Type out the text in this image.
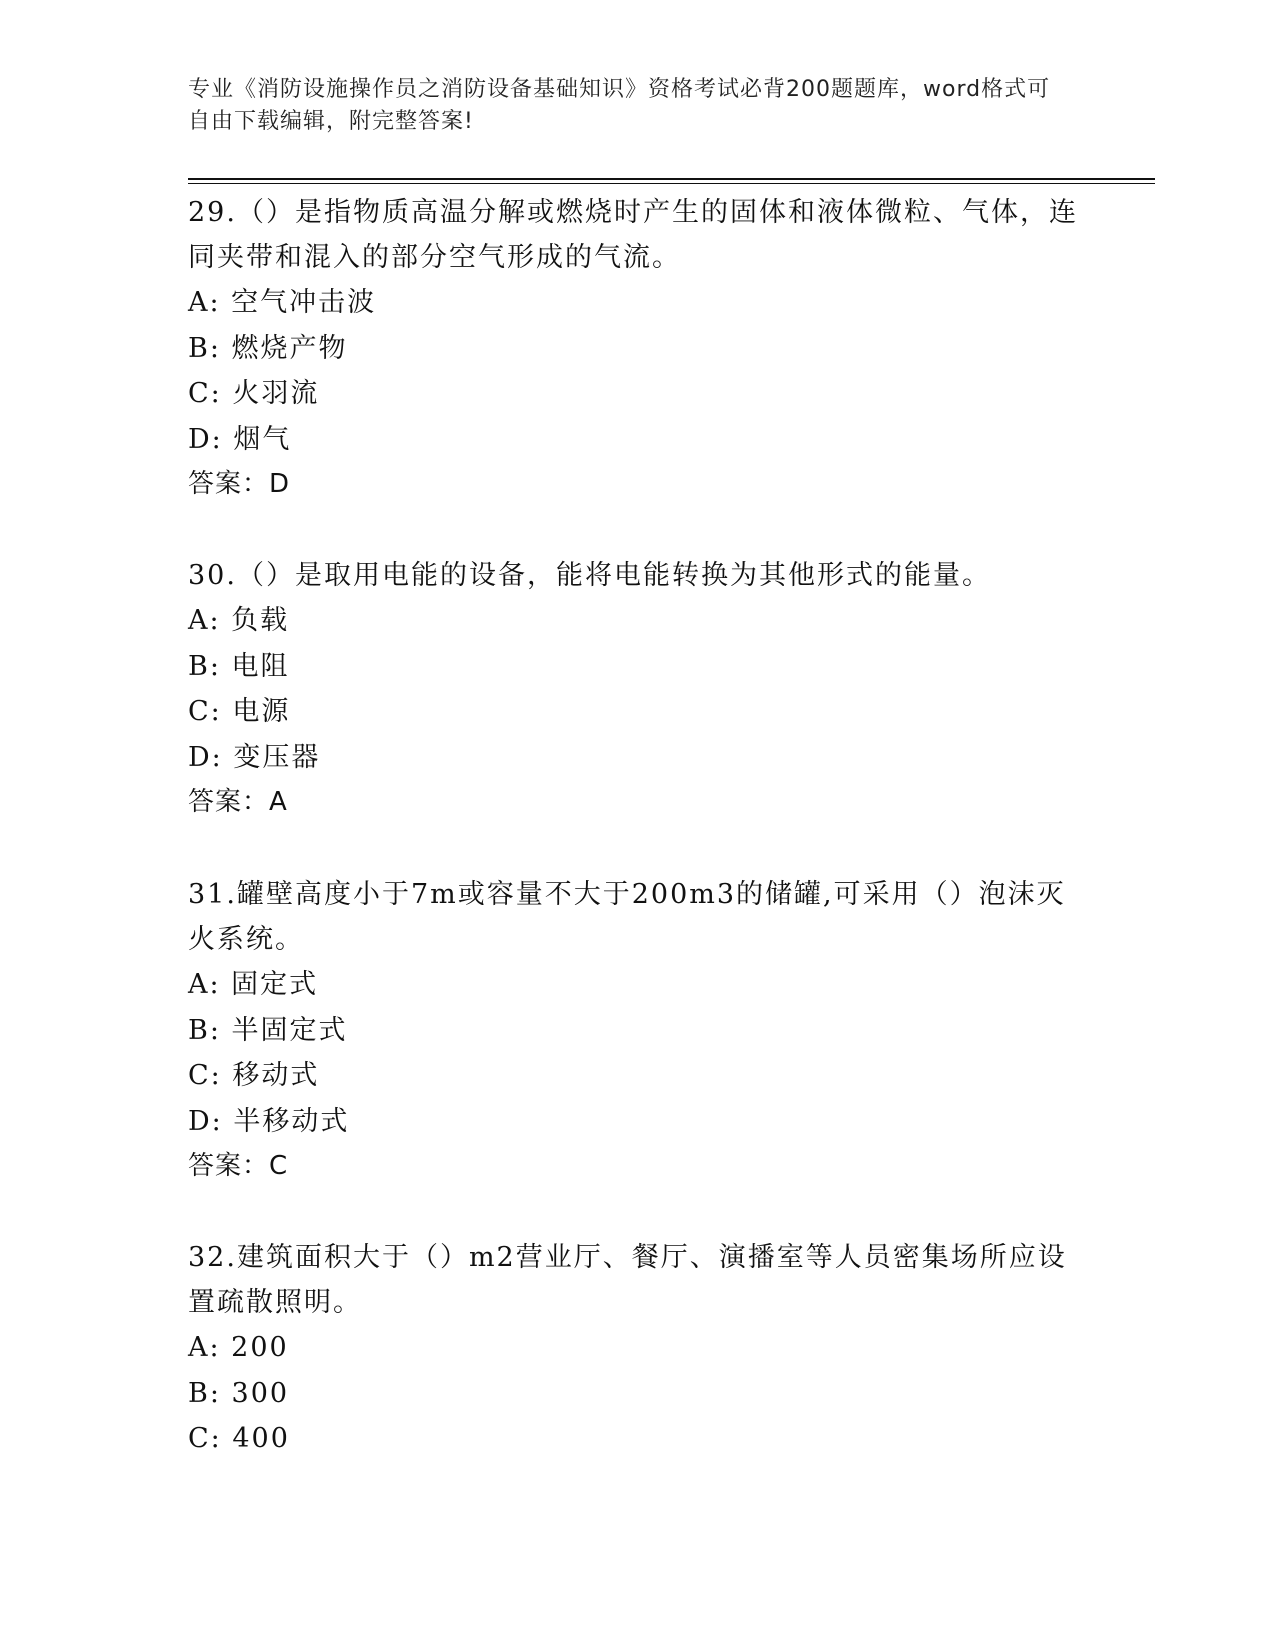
专业《消防设施操作员之消防设备基础知识》资格考试必背200题题库，word格式可自由下载编辑，附完整答案!

29.（）是指物质高温分解或燃烧时产生的固体和液体微粒、气体，连同夹带和混入的部分空气形成的气流。

A: 空气冲击波

B: 燃烧产物

C: 火羽流

D: 烟气

答案：D

30.（）是取用电能的设备，能将电能转换为其他形式的能量。

A: 负载

B: 电阻

C: 电源

D: 变压器

答案：A

31.罐壁高度小于7m或容量不大于200m3的储罐,可采用（）泡沫灭火系统。

A: 固定式

B: 半固定式

C: 移动式

D: 半移动式

答案：C

32.建筑面积大于（）m2营业厅、餐厅、演播室等人员密集场所应设置疏散照明。

A: 200

B: 300

C: 400
